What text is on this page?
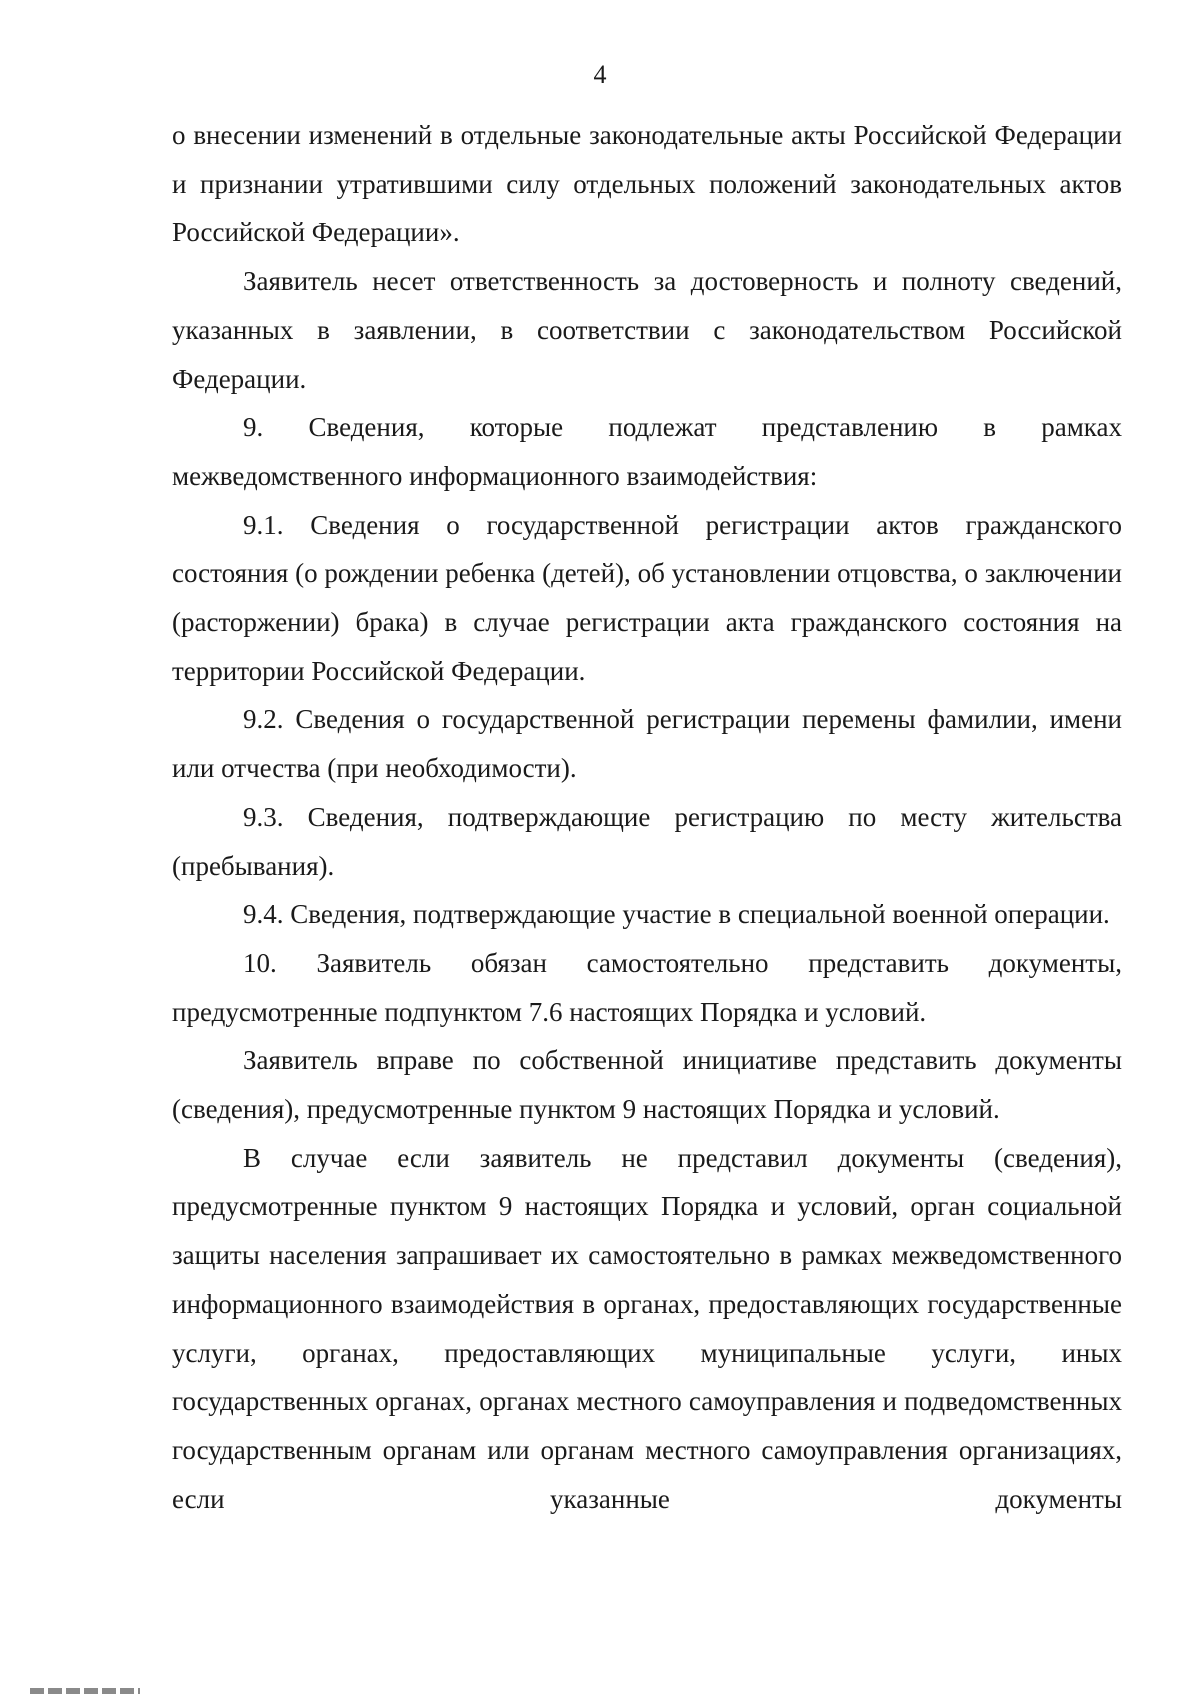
4

о внесении изменений в отдельные законодательные акты Российской Федерации и признании утратившими силу отдельных положений законодательных актов Российской Федерации».

Заявитель несет ответственность за достоверность и полноту сведений, указанных в заявлении, в соответствии с законодательством Российской Федерации.

9. Сведения, которые подлежат представлению в рамках межведомственного информационного взаимодействия:

9.1. Сведения о государственной регистрации актов гражданского состояния (о рождении ребенка (детей), об установлении отцовства, о заключении (расторжении) брака) в случае регистрации акта гражданского состояния на территории Российской Федерации.

9.2. Сведения о государственной регистрации перемены фамилии, имени или отчества (при необходимости).

9.3. Сведения, подтверждающие регистрацию по месту жительства (пребывания).

9.4. Сведения, подтверждающие участие в специальной военной операции.

10. Заявитель обязан самостоятельно представить документы, предусмотренные подпунктом 7.6 настоящих Порядка и условий.

Заявитель вправе по собственной инициативе представить документы (сведения), предусмотренные пунктом 9 настоящих Порядка и условий.

В случае если заявитель не представил документы (сведения), предусмотренные пунктом 9 настоящих Порядка и условий, орган социальной защиты населения запрашивает их самостоятельно в рамках межведомственного информационного взаимодействия в органах, предоставляющих государственные услуги, органах, предоставляющих муниципальные услуги, иных государственных органах, органах местного самоуправления и подведомственных государственным органам или органам местного самоуправления организациях, если указанные документы
